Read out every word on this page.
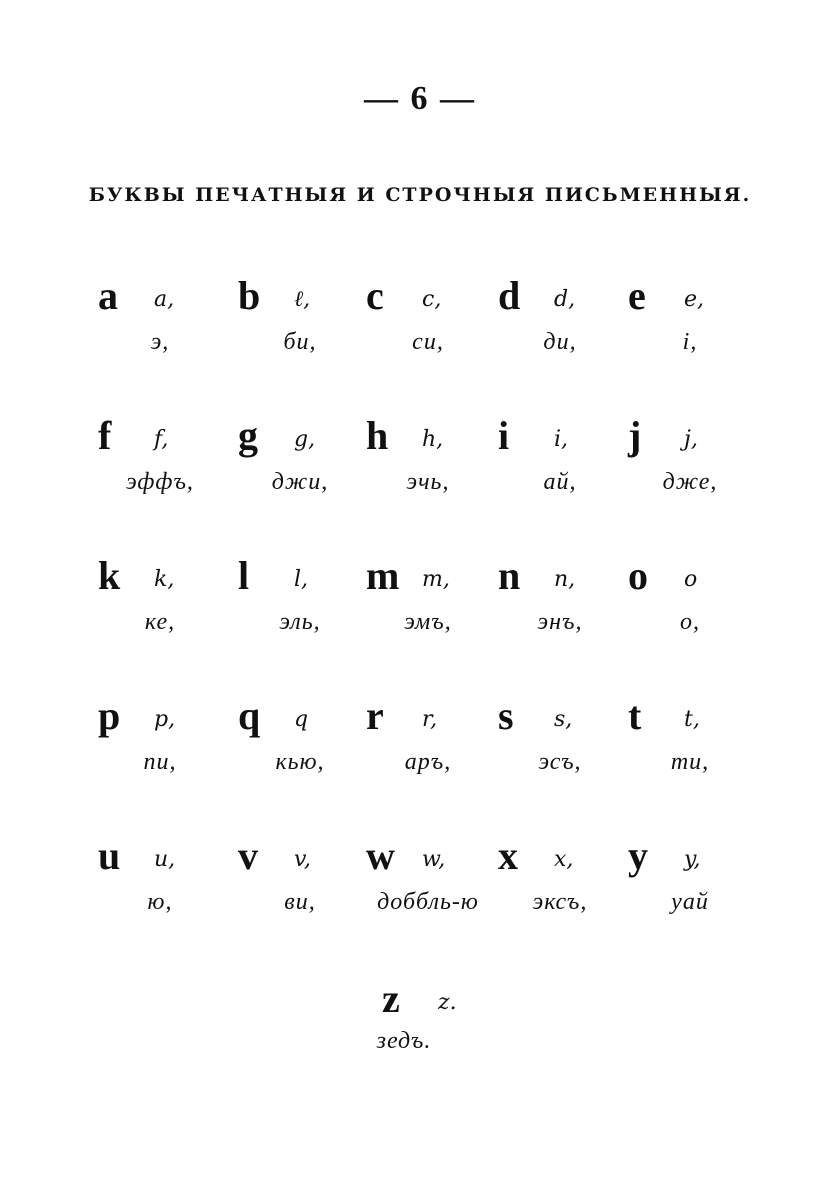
— 6 —
БУКВЫ ПЕЧАТНЫЯ И СТРОЧНЫЯ ПИСЬМЕННЫЯ.
a a,
э,
b ℓ,
би,
c c,
си,
d d,
ди,
e e,
i,
f f,
эффъ,
g g,
джи,
h h,
эчь,
i i,
ай,
j j,
дже,
k k,
ке,
l l,
эль,
m m,
эмъ,
n n,
энъ,
o o
о,
p p,
пи,
q q
кью,
r r,
аръ,
s s,
эсъ,
t t,
ти,
u u,
ю,
v v,
ви,
w w,
доббль-ю
x x,
эксъ,
y y,
уай
z z.
зедъ.
